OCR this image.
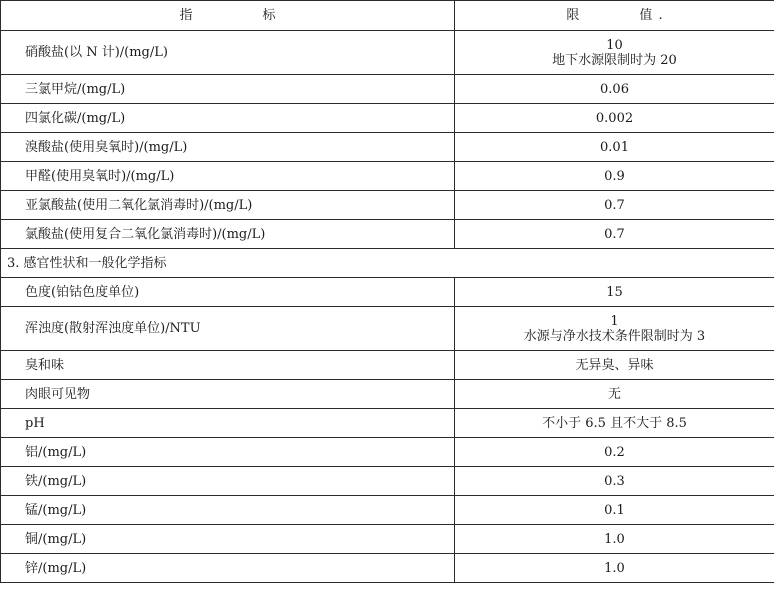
指 标	限 值 .
硝酸盐(以 N 计)/(mg/L)	10
地下水源限制时为 20

三氯甲烷/(mg/L)	0.06
四氯化碳/(mg/L)	0.002
溴酸盐(使用臭氧时)/(mg/L)	0.01
甲醛(使用臭氧时)/(mg/L)	0.9
亚氯酸盐(使用二氧化氯消毒时)/(mg/L)	0.7
氯酸盐(使用复合二氧化氯消毒时)/(mg/L)	0.7
3. 感官性状和一般化学指标	
色度(铂钴色度单位)	15
浑浊度(散射浑浊度单位)/NTU	1
水源与净水技术条件限制时为 3

臭和味	无异臭、异味
肉眼可见物	无
pH	不小于 6.5 且不大于 8.5
铝/(mg/L)	0.2
铁/(mg/L)	0.3
锰/(mg/L)	0.1
铜/(mg/L)	1.0
锌/(mg/L)	1.0
